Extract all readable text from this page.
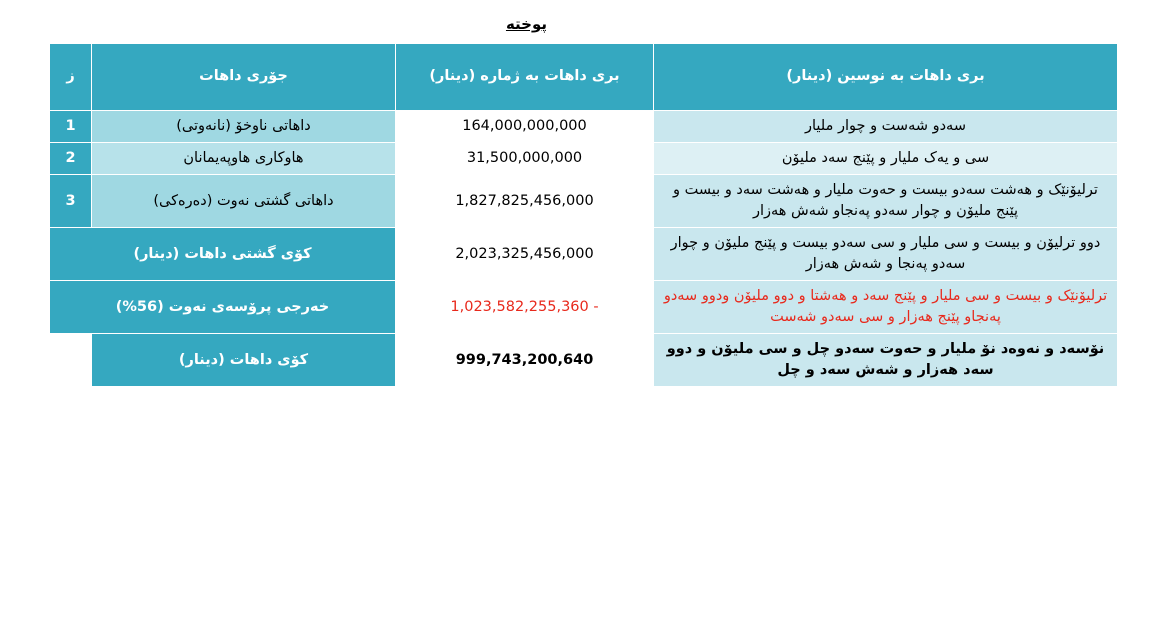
پوختە
بری داهات بە نوسین (دینار)	بری داهات بە ژمارە (دینار)	جۆری داهات	ز
سەدو شەست و چوار ملیار	164,000,000,000	داهاتی ناوخۆ (نانەوتی)	1
سی و یەک ملیار و پێنج سەد ملیۆن	31,500,000,000	هاوکاری هاوپەیمانان	2
ترلیۆنێک و هەشت سەدو بیست و حەوت ملیار و هەشت سەد و بیست و پێنج ملیۆن و چوار سەدو پەنجاو شەش هەزار	1,827,825,456,000	داهاتی گشتی نەوت (دەرەکی)	3
دوو ترلیۆن و بیست و سی ملیار و سی سەدو بیست و پێنج ملیۆن و چوار سەدو پەنجا و شەش هەزار	2,023,325,456,000	کۆی گشتی داهات (دینار)	
ترلیۆنێک و بیست و سی ملیار و پێنج سەد و هەشتا و دوو ملیۆن ودوو سەدو پەنجاو پێنج هەزار و سی سەدو شەست	- 1,023,582,255,360	خەرجی پرۆسەی نەوت (56%)	
نۆسەد و نەوەد نۆ ملیار و حەوت سەدو چل و سی ملیۆن و دوو سەد هەزار و شەش سەد و چل	999,743,200,640	کۆی داهات (دینار)	
